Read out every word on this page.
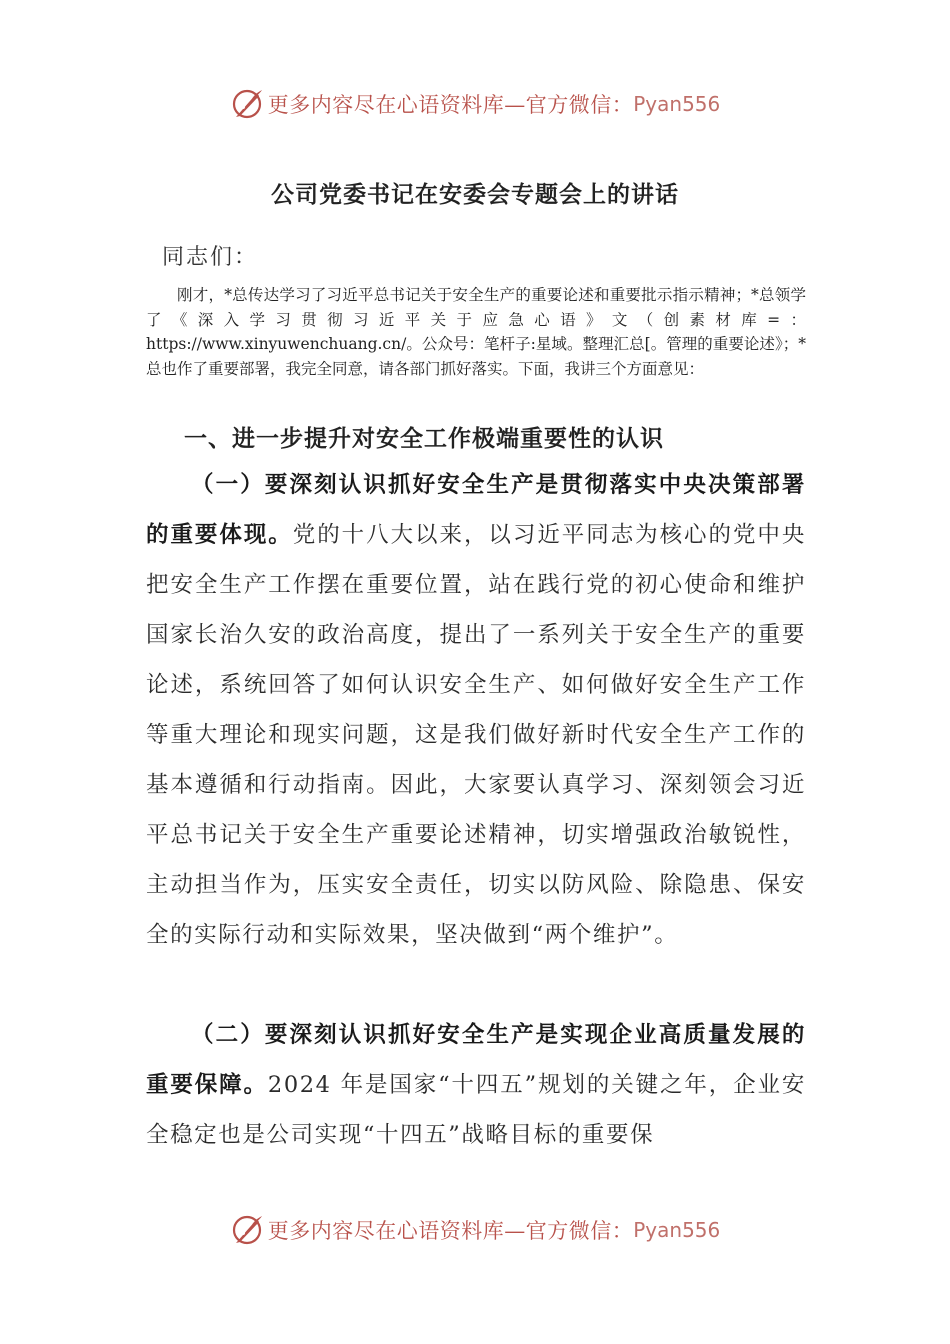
更多内容尽在心语资料库—官方微信： Pyan556
公司党委书记在安委会专题会上的讲话
同志们：

刚才，*总传达学习了习近平总书记关于安全生产的重要论述和重要批示指示精神；*总领学了《深入学习贯彻习近平关于应急心语》文（创素材库=：https://www.xinyuwenchuang.cn/。公众号：笔杆子:星域。整理汇总[。管理的重要论述》；*总也作了重要部署，我完全同意，请各部门抓好落实。下面，我讲三个方面意见：

一、进一步提升对安全工作极端重要性的认识

（一）要深刻认识抓好安全生产是贯彻落实中央决策部署的重要体现。党的十八大以来，以习近平同志为核心的党中央把安全生产工作摆在重要位置，站在践行党的初心使命和维护国家长治久安的政治高度，提出了一系列关于安全生产的重要论述，系统回答了如何认识安全生产、如何做好安全生产工作等重大理论和现实问题，这是我们做好新时代安全生产工作的基本遵循和行动指南。因此，大家要认真学习、深刻领会习近平总书记关于安全生产重要论述精神，切实增强政治敏锐性，主动担当作为，压实安全责任，切实以防风险、除隐患、保安全的实际行动和实际效果，坚决做到“两个维护”。

（二）要深刻认识抓好安全生产是实现企业高质量发展的重要保障。2024 年是国家“十四五”规划的关键之年，企业安全稳定也是公司实现“十四五”战略目标的重要保

更多内容尽在心语资料库—官方微信： Pyan556
